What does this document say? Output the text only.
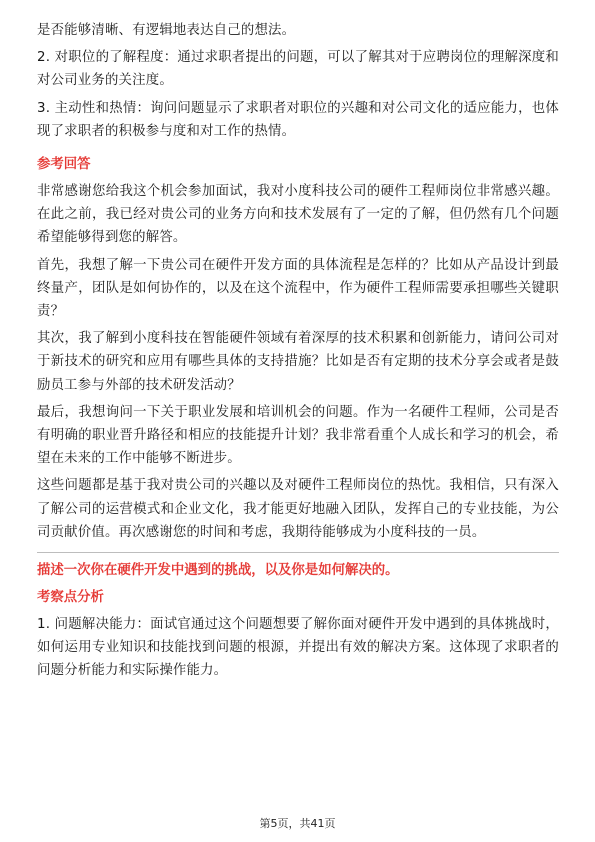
是否能够清晰、有逻辑地表达自己的想法。

2. 对职位的了解程度：通过求职者提出的问题，可以了解其对于应聘岗位的理解深度和对公司业务的关注度。

3. 主动性和热情：询问问题显示了求职者对职位的兴趣和对公司文化的适应能力，也体现了求职者的积极参与度和对工作的热情。

参考回答

非常感谢您给我这个机会参加面试，我对小度科技公司的硬件工程师岗位非常感兴趣。在此之前，我已经对贵公司的业务方向和技术发展有了一定的了解，但仍然有几个问题希望能够得到您的解答。

首先，我想了解一下贵公司在硬件开发方面的具体流程是怎样的？比如从产品设计到最终量产，团队是如何协作的，以及在这个流程中，作为硬件工程师需要承担哪些关键职责？

其次，我了解到小度科技在智能硬件领域有着深厚的技术积累和创新能力，请问公司对于新技术的研究和应用有哪些具体的支持措施？比如是否有定期的技术分享会或者是鼓励员工参与外部的技术研发活动？

最后，我想询问一下关于职业发展和培训机会的问题。作为一名硬件工程师，公司是否有明确的职业晋升路径和相应的技能提升计划？我非常看重个人成长和学习的机会，希望在未来的工作中能够不断进步。

这些问题都是基于我对贵公司的兴趣以及对硬件工程师岗位的热忱。我相信，只有深入了解公司的运营模式和企业文化，我才能更好地融入团队，发挥自己的专业技能，为公司贡献价值。再次感谢您的时间和考虑，我期待能够成为小度科技的一员。

描述一次你在硬件开发中遇到的挑战，以及你是如何解决的。

考察点分析

1. 问题解决能力：面试官通过这个问题想要了解你面对硬件开发中遇到的具体挑战时，如何运用专业知识和技能找到问题的根源，并提出有效的解决方案。这体现了求职者的问题分析能力和实际操作能力。

第5页，共41页
